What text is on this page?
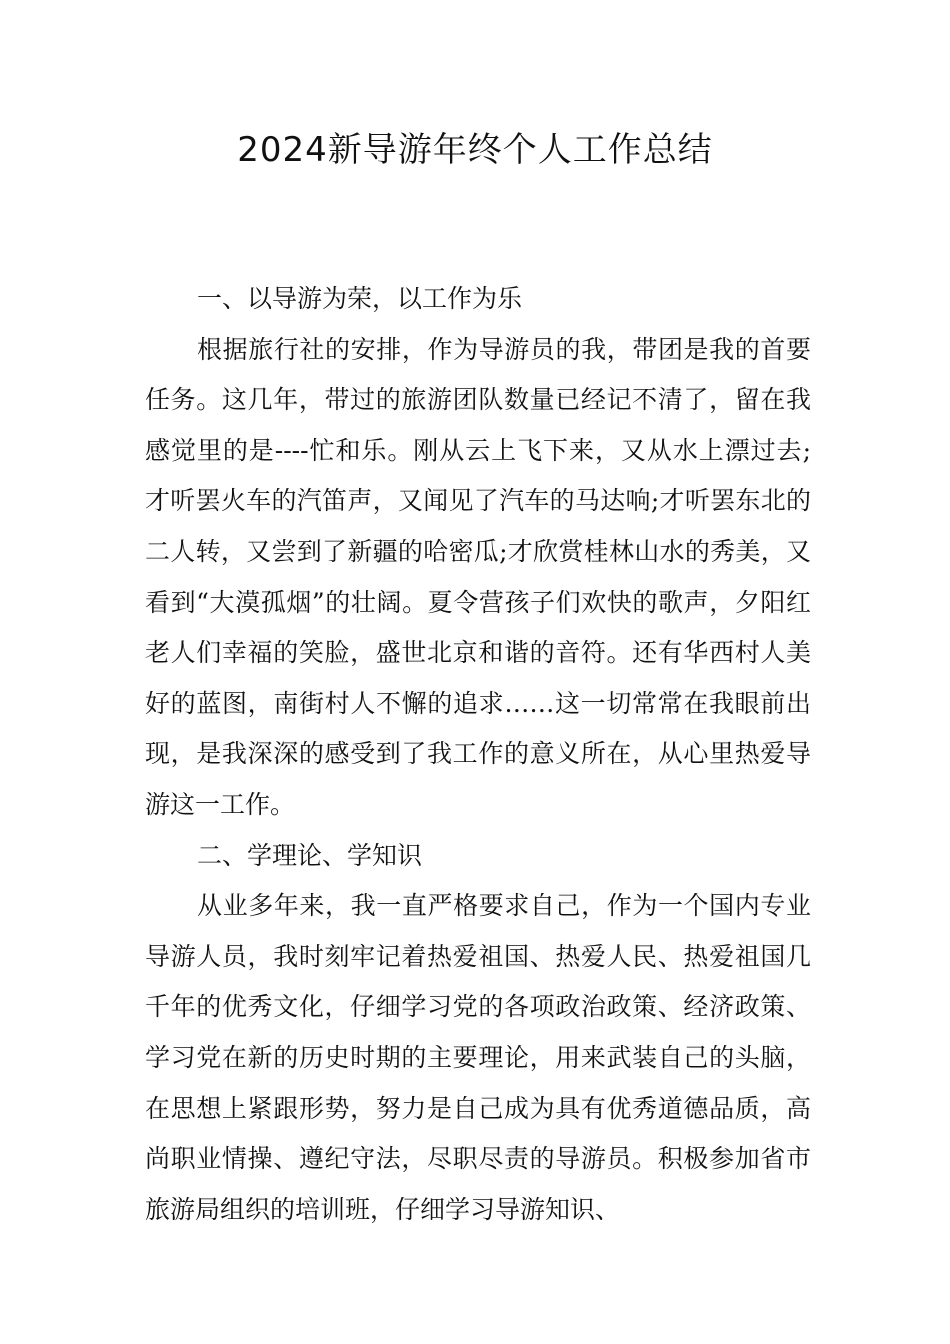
2024新导游年终个人工作总结

一、以导游为荣，以工作为乐

根据旅行社的安排，作为导游员的我，带团是我的首要任务。这几年，带过的旅游团队数量已经记不清了，留在我感觉里的是----忙和乐。刚从云上飞下来，又从水上漂过去;才听罢火车的汽笛声，又闻见了汽车的马达响;才听罢东北的二人转，又尝到了新疆的哈密瓜;才欣赏桂林山水的秀美，又看到“大漠孤烟”的壮阔。夏令营孩子们欢快的歌声，夕阳红老人们幸福的笑脸，盛世北京和谐的音符。还有华西村人美好的蓝图，南街村人不懈的追求……这一切常常在我眼前出现，是我深深的感受到了我工作的意义所在，从心里热爱导游这一工作。

二、学理论、学知识

从业多年来，我一直严格要求自己，作为一个国内专业导游人员，我时刻牢记着热爱祖国、热爱人民、热爱祖国几千年的优秀文化，仔细学习党的各项政治政策、经济政策、学习党在新的历史时期的主要理论，用来武装自己的头脑，在思想上紧跟形势，努力是自己成为具有优秀道德品质，高尚职业情操、遵纪守法，尽职尽责的导游员。积极参加省市旅游局组织的培训班，仔细学习导游知识、
